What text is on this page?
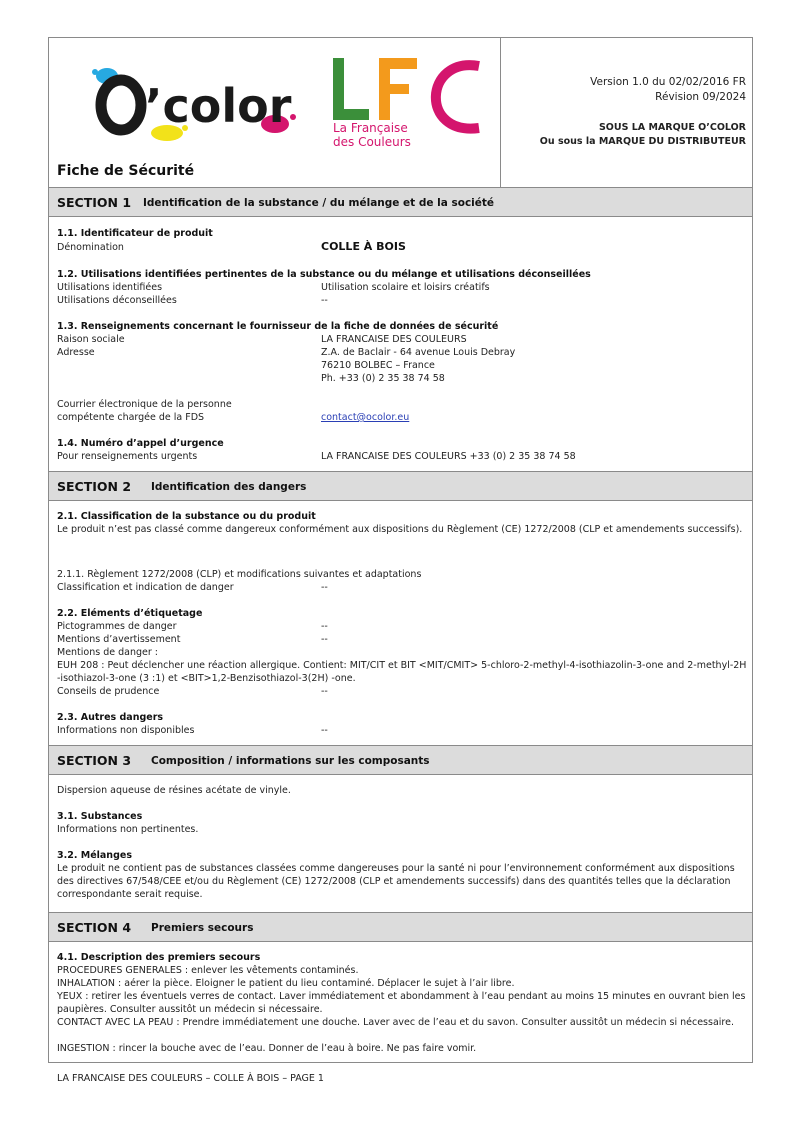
’color	La Française
des Couleurs
Fiche de Sécurité
Version 1.0 du 02/02/2016 FR
Révision 09/2024
SOUS LA MARQUE O’COLOR
Ou sous la MARQUE DU DISTRIBUTEUR
SECTION 1 Identification de la substance / du mélange et de la société
1.1. Identificateur de produit
Dénomination	COLLE À BOIS
1.2. Utilisations identifiées pertinentes de la substance ou du mélange et utilisations déconseillées
Utilisations identifiées	Utilisation scolaire et loisirs créatifs
Utilisations déconseillées	--
1.3. Renseignements concernant le fournisseur de la fiche de données de sécurité
Raison sociale	LA FRANCAISE DES COULEURS
Adresse	Z.A. de Baclair - 64 avenue Louis Debray
76210 BOLBEC – France
Ph. +33 (0) 2 35 38 74 58
Courrier électronique de la personne
compétente chargée de la FDS	contact@ocolor.eu
1.4. Numéro d’appel d’urgence
Pour renseignements urgents	LA FRANCAISE DES COULEURS +33 (0) 2 35 38 74 58
SECTION 2 Identification des dangers
2.1. Classification de la substance ou du produit
Le produit n’est pas classé comme dangereux conformément aux dispositions du Règlement (CE) 1272/2008 (CLP et amendements successifs).
2.1.1. Règlement 1272/2008 (CLP) et modifications suivantes et adaptations
Classification et indication de danger	--
2.2. Eléments d’étiquetage
Pictogrammes de danger	--
Mentions d’avertissement	--
Mentions de danger :
EUH 208 : Peut déclencher une réaction allergique. Contient: MIT/CIT et BIT <MIT/CMIT> 5-chloro-2-methyl-4-isothiazolin-3-one and 2-methyl-2H -isothiazol-3-one (3 :1) et <BIT>1,2-Benzisothiazol-3(2H) -one.
Conseils de prudence	--
2.3. Autres dangers
Informations non disponibles	--
SECTION 3 Composition / informations sur les composants
Dispersion aqueuse de résines acétate de vinyle.
3.1. Substances
Informations non pertinentes.
3.2. Mélanges
Le produit ne contient pas de substances classées comme dangereuses pour la santé ni pour l’environnement conformément aux dispositions des directives 67/548/CEE et/ou du Règlement (CE) 1272/2008 (CLP et amendements successifs) dans des quantités telles que la déclaration correspondante serait requise.
SECTION 4 Premiers secours
4.1. Description des premiers secours
PROCEDURES GENERALES : enlever les vêtements contaminés.
INHALATION : aérer la pièce. Eloigner le patient du lieu contaminé. Déplacer le sujet à l’air libre.
YEUX : retirer les éventuels verres de contact. Laver immédiatement et abondamment à l’eau pendant au moins 15 minutes en ouvrant bien les paupières. Consulter aussitôt un médecin si nécessaire.
CONTACT AVEC LA PEAU : Prendre immédiatement une douche. Laver avec de l’eau et du savon. Consulter aussitôt un médecin si nécessaire.
INGESTION : rincer la bouche avec de l’eau. Donner de l’eau à boire. Ne pas faire vomir.
LA FRANCAISE DES COULEURS – COLLE À BOIS – PAGE 1
